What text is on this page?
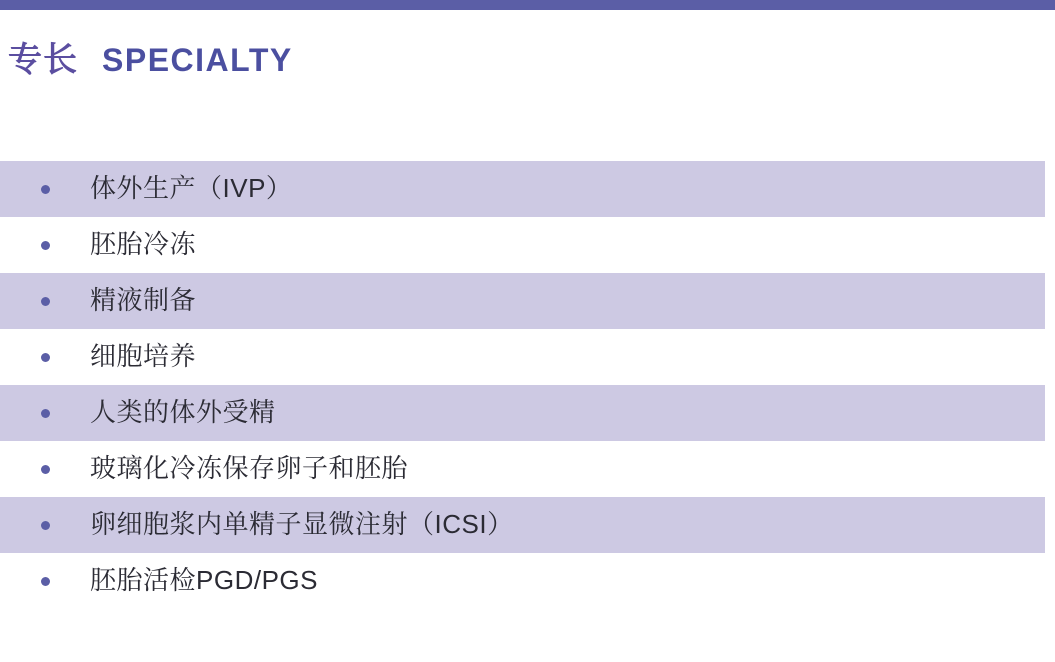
专长 SPECIALTY
体外生产（IVP）
胚胎冷冻
精液制备
细胞培养
人类的体外受精
玻璃化冷冻保存卵子和胚胎
卵细胞浆内单精子显微注射（ICSI）
胚胎活检PGD/PGS
